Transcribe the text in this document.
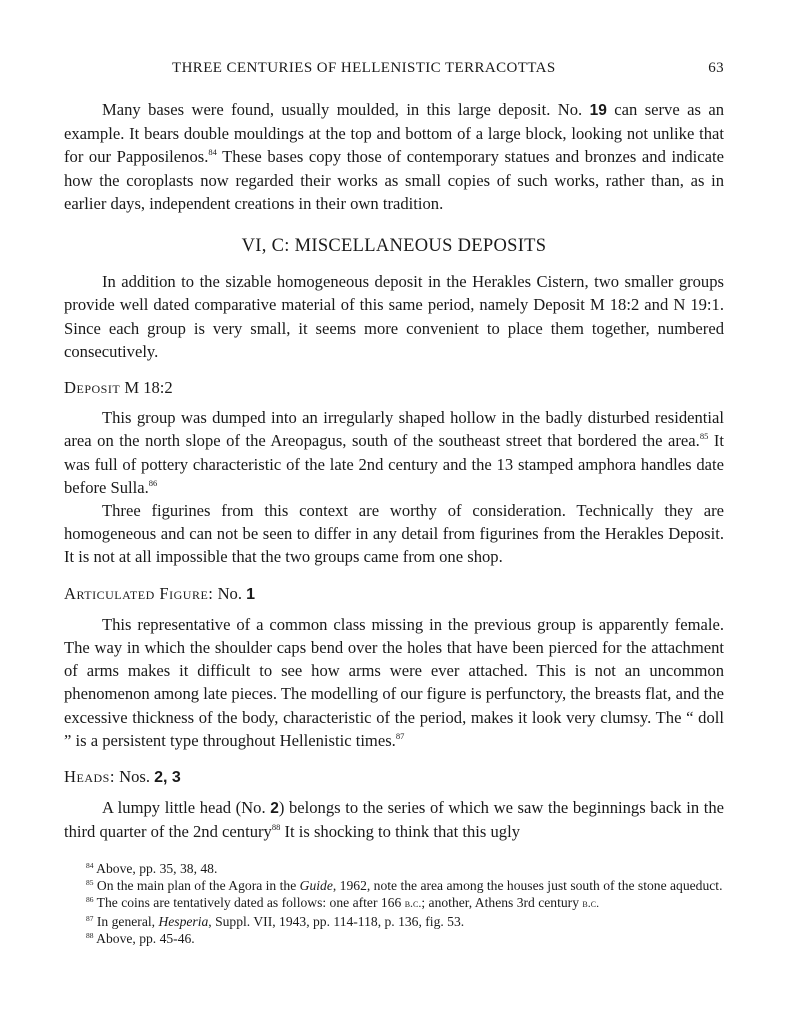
THREE CENTURIES OF HELLENISTIC TERRACOTTAS	63

Many bases were found, usually moulded, in this large deposit. No. 19 can serve as an example. It bears double mouldings at the top and bottom of a large block, looking not unlike that for our Papposilenos.$^{84}$ These bases copy those of contemporary statues and bronzes and indicate how the coroplasts now regarded their works as small copies of such works, rather than, as in earlier days, independent creations in their own tradition.

VI, C: MISCELLANEOUS DEPOSITS

In addition to the sizable homogeneous deposit in the Herakles Cistern, two smaller groups provide well dated comparative material of this same period, namely Deposit M 18:2 and N 19:1. Since each group is very small, it seems more convenient to place them together, numbered consecutively.

Deposit M 18:2

This group was dumped into an irregularly shaped hollow in the badly disturbed residential area on the north slope of the Areopagus, south of the southeast street that bordered the area.$^{85}$ It was full of pottery characteristic of the late 2nd century and the 13 stamped amphora handles date before Sulla.$^{86}$

Three figurines from this context are worthy of consideration. Technically they are homogeneous and can not be seen to differ in any detail from figurines from the Herakles Deposit. It is not at all impossible that the two groups came from one shop.

Articulated Figure: No. 1

This representative of a common class missing in the previous group is apparently female. The way in which the shoulder caps bend over the holes that have been pierced for the attachment of arms makes it difficult to see how arms were ever attached. This is not an uncommon phenomenon among late pieces. The modelling of our figure is perfunctory, the breasts flat, and the excessive thickness of the body, characteristic of the period, makes it look very clumsy. The “ doll ” is a persistent type throughout Hellenistic times.$^{87}$

Heads: Nos. 2, 3

A lumpy little head (No. 2) belongs to the series of which we saw the beginnings back in the third quarter of the 2nd century$^{88}$ It is shocking to think that this ugly

$^{84}$ Above, pp. 35, 38, 48.

$^{85}$ On the main plan of the Agora in the Guide, 1962, note the area among the houses just south of the stone aqueduct.

$^{86}$ The coins are tentatively dated as follows: one after 166 b.c.; another, Athens 3rd century b.c.

$^{87}$ In general, Hesperia, Suppl. VII, 1943, pp. 114-118, p. 136, fig. 53.

$^{88}$ Above, pp. 45-46.
